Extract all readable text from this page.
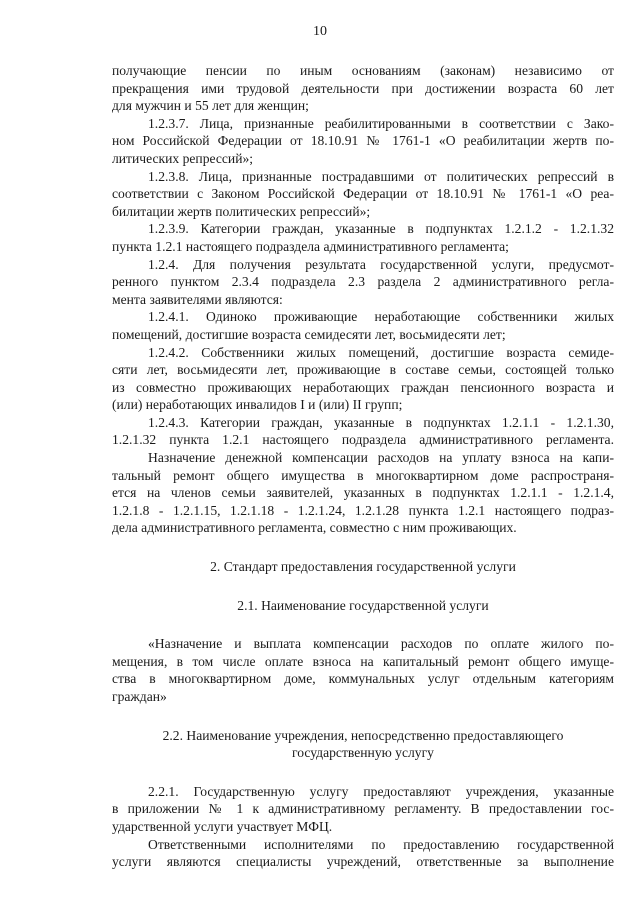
10
получающие пенсии по иным основаниям (законам) независимо от
прекращения ими трудовой деятельности при достижении возраста 60 лет
для мужчин и 55 лет для женщин;
1.2.3.7. Лица, признанные реабилитированными в соответствии с Зако-
ном Российской Федерации от 18.10.91 № 1761-1 «О реабилитации жертв по-
литических репрессий»;
1.2.3.8. Лица, признанные пострадавшими от политических репрессий в
соответствии с Законом Российской Федерации от 18.10.91 № 1761-1 «О реа-
билитации жертв политических репрессий»;
1.2.3.9. Категории граждан, указанные в подпунктах 1.2.1.2 - 1.2.1.32
пункта 1.2.1 настоящего подраздела административного регламента;
1.2.4. Для получения результата государственной услуги, предусмот-
ренного пунктом 2.3.4 подраздела 2.3 раздела 2 административного регла-
мента заявителями являются:
1.2.4.1. Одиноко проживающие неработающие собственники жилых
помещений, достигшие возраста семидесяти лет, восьмидесяти лет;
1.2.4.2. Собственники жилых помещений, достигшие возраста семиде-
сяти лет, восьмидесяти лет, проживающие в составе семьи, состоящей только
из совместно проживающих неработающих граждан пенсионного возраста и
(или) неработающих инвалидов I и (или) II групп;
1.2.4.3. Категории граждан, указанные в подпунктах 1.2.1.1 - 1.2.1.30,
1.2.1.32 пункта 1.2.1 настоящего подраздела административного регламента.
Назначение денежной компенсации расходов на уплату взноса на капи-
тальный ремонт общего имущества в многоквартирном доме распространя-
ется на членов семьи заявителей, указанных в подпунктах 1.2.1.1 - 1.2.1.4,
1.2.1.8 - 1.2.1.15, 1.2.1.18 - 1.2.1.24, 1.2.1.28 пункта 1.2.1 настоящего подраз-
дела административного регламента, совместно с ним проживающих.
2. Стандарт предоставления государственной услуги
2.1. Наименование государственной услуги
«Назначение и выплата компенсации расходов по оплате жилого по-
мещения, в том числе оплате взноса на капитальный ремонт общего имуще-
ства в многоквартирном доме, коммунальных услуг отдельным категориям
граждан»
2.2. Наименование учреждения, непосредственно предоставляющего
государственную услугу
2.2.1. Государственную услугу предоставляют учреждения, указанные
в приложении № 1 к административному регламенту. В предоставлении гос-
ударственной услуги участвует МФЦ.
Ответственными исполнителями по предоставлению государственной
услуги являются специалисты учреждений, ответственные за выполнение
